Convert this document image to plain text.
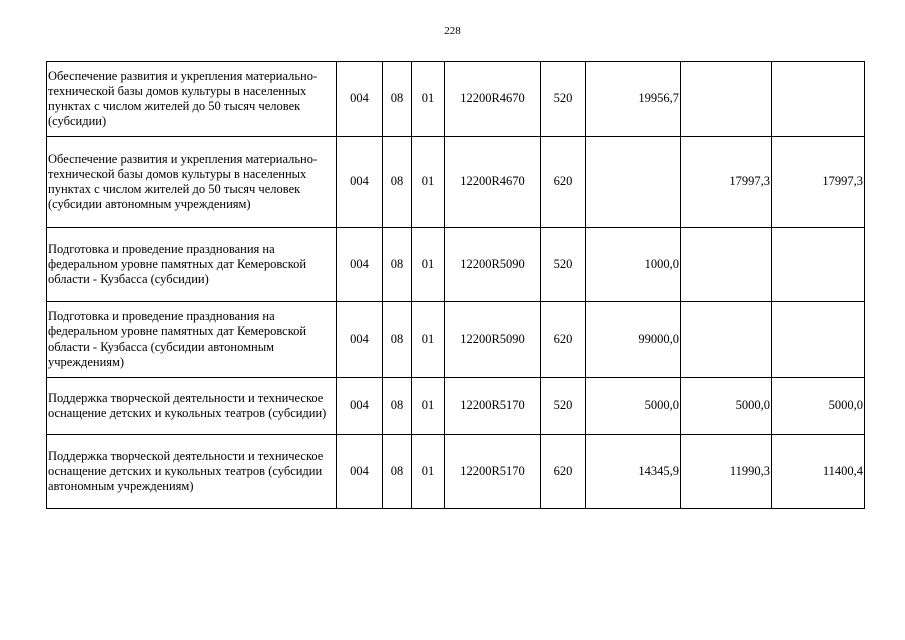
228
Обеспечение развития и укрепления материально-технической базы домов культуры в населенных пунктах с числом жителей до 50 тысяч человек (субсидии)	004	08	01	12200R4670	520	19956,7		
Обеспечение развития и укрепления материально-технической базы домов культуры в населенных пунктах с числом жителей до 50 тысяч человек (субсидии автономным учреждениям)	004	08	01	12200R4670	620		17997,3	17997,3
Подготовка и проведение празднования на федеральном уровне памятных дат Кемеровской области - Кузбасса (субсидии)	004	08	01	12200R5090	520	1000,0		
Подготовка и проведение празднования на федеральном уровне памятных дат Кемеровской области - Кузбасса (субсидии автономным учреждениям)	004	08	01	12200R5090	620	99000,0		
Поддержка творческой деятельности и техническое оснащение детских и кукольных театров (субсидии)	004	08	01	12200R5170	520	5000,0	5000,0	5000,0
Поддержка творческой деятельности и техническое оснащение детских и кукольных театров (субсидии автономным учреждениям)	004	08	01	12200R5170	620	14345,9	11990,3	11400,4
